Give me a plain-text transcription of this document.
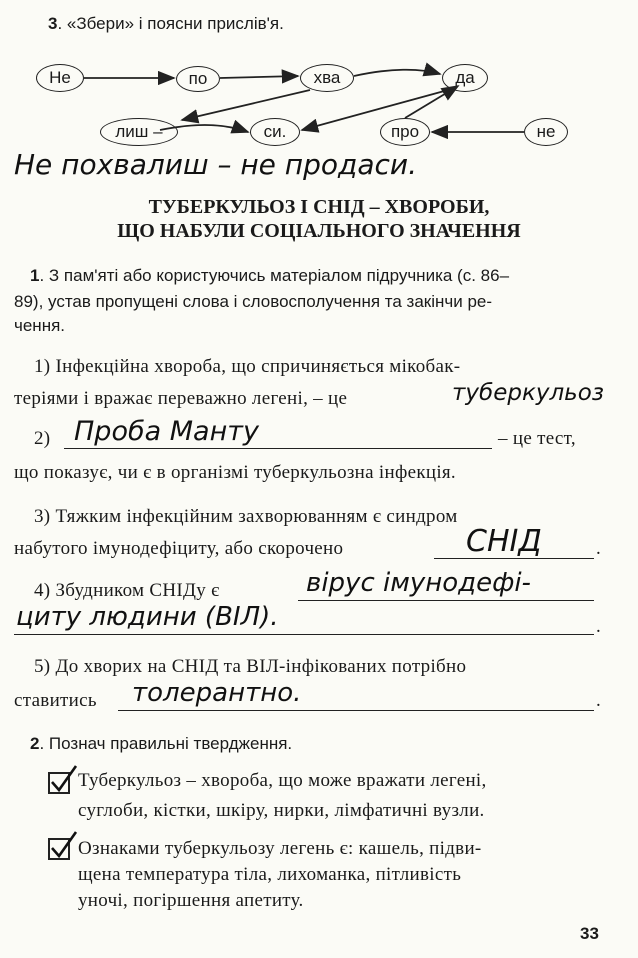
3. «Збери» і поясни прислів'я.
Не	по	хва	да
лиш –	си.	про	не
Не похвалиш – не продаси.
ТУБЕРКУЛЬОЗ І СНІД – ХВОРОБИ,
ЩО НАБУЛИ СОЦІАЛЬНОГО ЗНАЧЕННЯ
1. З пам'яті або користуючись матеріалом підручника (с. 86–
89), устав пропущені слова і словосполучення та закінчи ре-
чення.
1) Інфекційна хвороба, що спричиняється мікобак-
теріями і вражає переважно легені, – це	туберкульоз
2) Проба Манту	– це тест,
що показує, чи є в організмі туберкульозна інфекція.
3) Тяжким інфекційним захворюванням є синдром
набутого імунодефіциту, або скорочено	СНІД	.
4) Збудником СНІДу є	вірус імунодефі-
циту людини (ВІЛ).	.
5) До хворих на СНІД та ВІЛ-інфікованих потрібно
ставитись толерантно.	.
2. Познач правильні твердження.
Туберкульоз – хвороба, що може вражати легені,
суглоби, кістки, шкіру, нирки, лімфатичні вузли.
Ознаками туберкульозу легень є: кашель, підви-
щена температура тіла, лихоманка, пітливість
уночі, погіршення апетиту.
33
